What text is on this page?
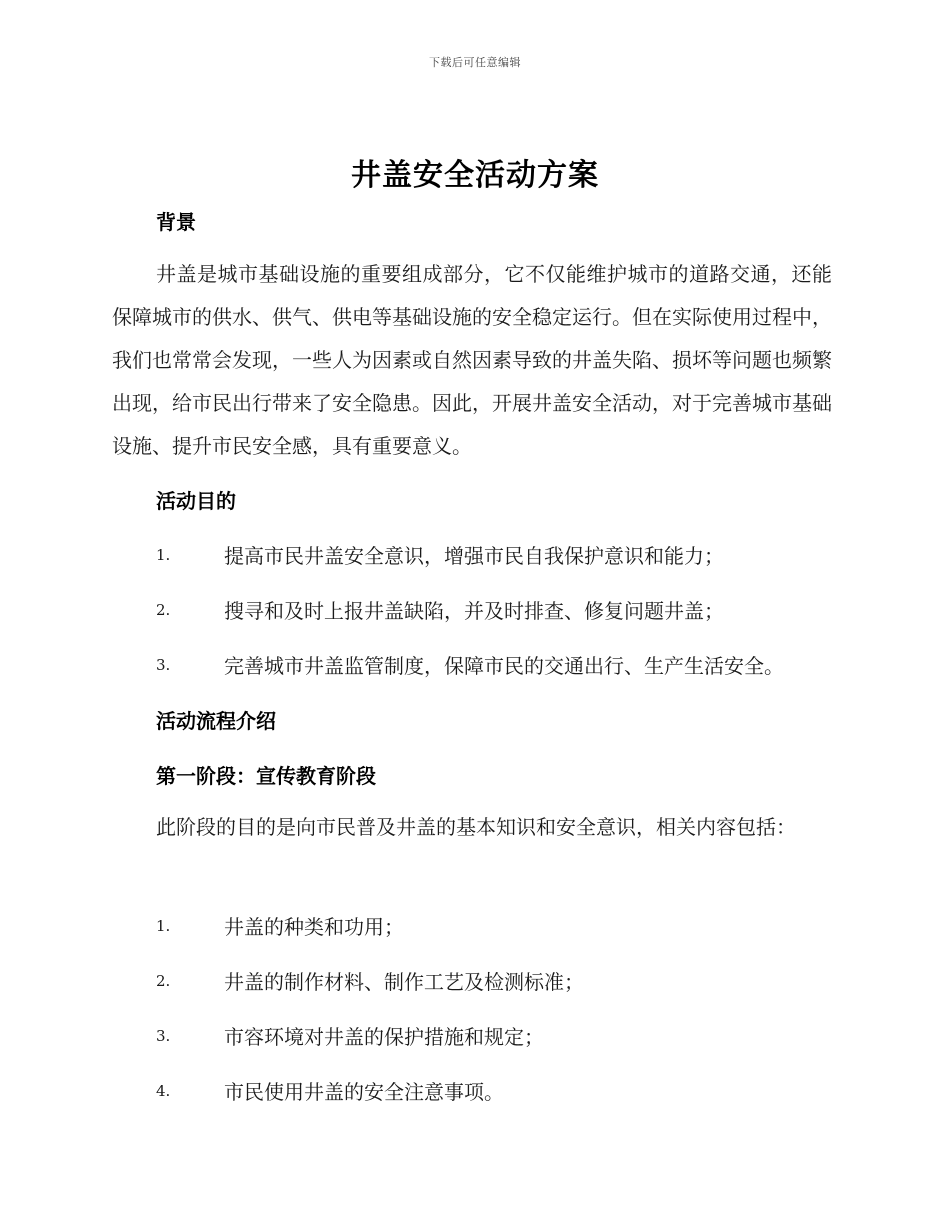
下载后可任意编辑
井盖安全活动方案
背景
井盖是城市基础设施的重要组成部分，它不仅能维护城市的道路交通，还能保障城市的供水、供气、供电等基础设施的安全稳定运行。但在实际使用过程中，我们也常常会发现，一些人为因素或自然因素导致的井盖失陷、损坏等问题也频繁出现，给市民出行带来了安全隐患。因此，开展井盖安全活动，对于完善城市基础设施、提升市民安全感，具有重要意义。
活动目的
1.	提高市民井盖安全意识，增强市民自我保护意识和能力；
2.	搜寻和及时上报井盖缺陷，并及时排查、修复问题井盖；
3.	完善城市井盖监管制度，保障市民的交通出行、生产生活安全。
活动流程介绍
第一阶段：宣传教育阶段
此阶段的目的是向市民普及井盖的基本知识和安全意识，相关内容包括：
1.	井盖的种类和功用；
2.	井盖的制作材料、制作工艺及检测标准；
3.	市容环境对井盖的保护措施和规定；
4.	市民使用井盖的安全注意事项。
